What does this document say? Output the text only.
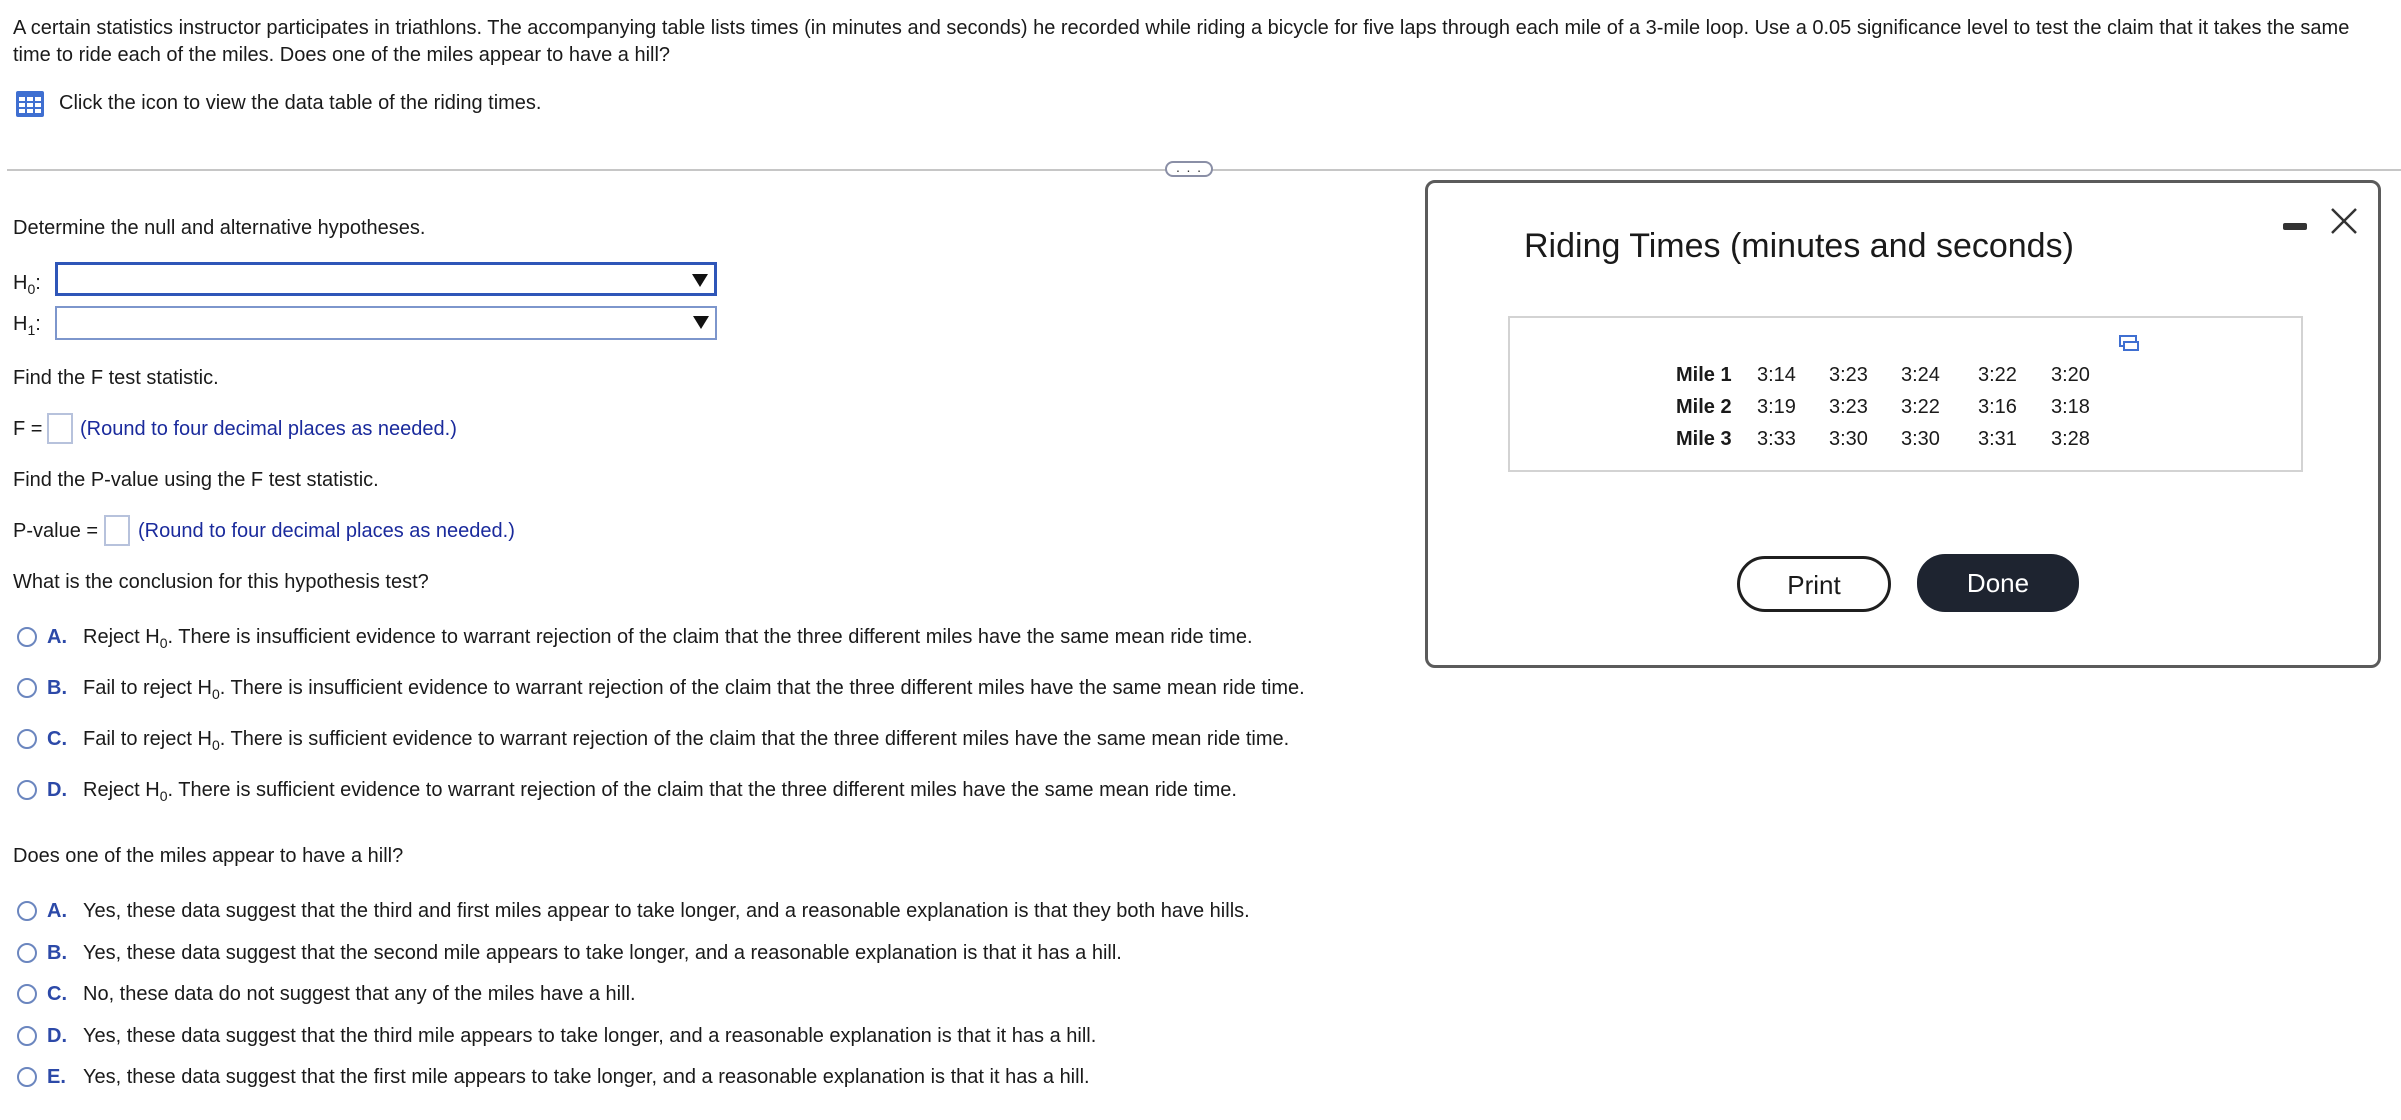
A certain statistics instructor participates in triathlons. The accompanying table lists times (in minutes and seconds) he recorded while riding a bicycle for five laps through each mile of a 3-mile loop. Use a 0.05 significance level to test the claim that it takes the same time to ride each of the miles. Does one of the miles appear to have a hill?
Click the icon to view the data table of the riding times.
· · ·
Determine the null and alternative hypotheses.
$H_0$:
$H_1$:
Find the F test statistic.
F = (Round to four decimal places as needed.)
Find the P-value using the F test statistic.
P-value = (Round to four decimal places as needed.)
What is the conclusion for this hypothesis test?
A. Reject $H_0$. There is insufficient evidence to warrant rejection of the claim that the three different miles have the same mean ride time.
B. Fail to reject $H_0$. There is insufficient evidence to warrant rejection of the claim that the three different miles have the same mean ride time.
C. Fail to reject $H_0$. There is sufficient evidence to warrant rejection of the claim that the three different miles have the same mean ride time.
D. Reject $H_0$. There is sufficient evidence to warrant rejection of the claim that the three different miles have the same mean ride time.
Does one of the miles appear to have a hill?
A. Yes, these data suggest that the third and first miles appear to take longer, and a reasonable explanation is that they both have hills.
B. Yes, these data suggest that the second mile appears to take longer, and a reasonable explanation is that it has a hill.
C. No, these data do not suggest that any of the miles have a hill.
D. Yes, these data suggest that the third mile appears to take longer, and a reasonable explanation is that it has a hill.
E. Yes, these data suggest that the first mile appears to take longer, and a reasonable explanation is that it has a hill.
Riding Times (minutes and seconds)
Mile 1 3:14 3:23 3:24 3:22 3:20
Mile 2 3:19 3:23 3:22 3:16 3:18
Mile 3 3:33 3:30 3:30 3:31 3:28
Print	Done
